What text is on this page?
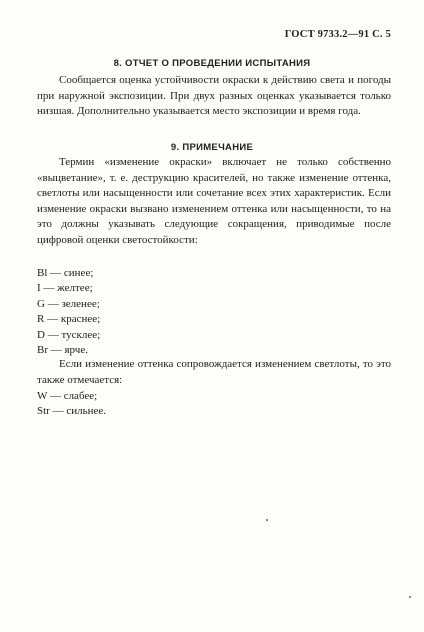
ГОСТ 9733.2—91 С. 5
8. ОТЧЕТ О ПРОВЕДЕНИИ ИСПЫТАНИЯ

Сообщается оценка устойчивости окраски к действию света и погоды при наружной экспозиции. При двух разных оценках указывается только низшая. Дополнительно указывается место экспозиции и время года.

9. ПРИМЕЧАНИЕ

Термин «изменение окраски» включает не только собственно «выцветание», т. е. деструкцию красителей, но также изменение оттенка, светлоты или насыщенности или сочетание всех этих характеристик. Если изменение окраски вызвано изменением оттенка или насыщенности, то на это должны указывать следующие сокращения, приводимые после цифровой оценки светостойкости:

Bl — синее;
I — желтее;
G — зеленее;
R — краснее;
D — тусклее;
Br — ярче.

Если изменение оттенка сопровождается изменением светлоты, то это также отмечается:

W — слабее;
Str — сильнее.
